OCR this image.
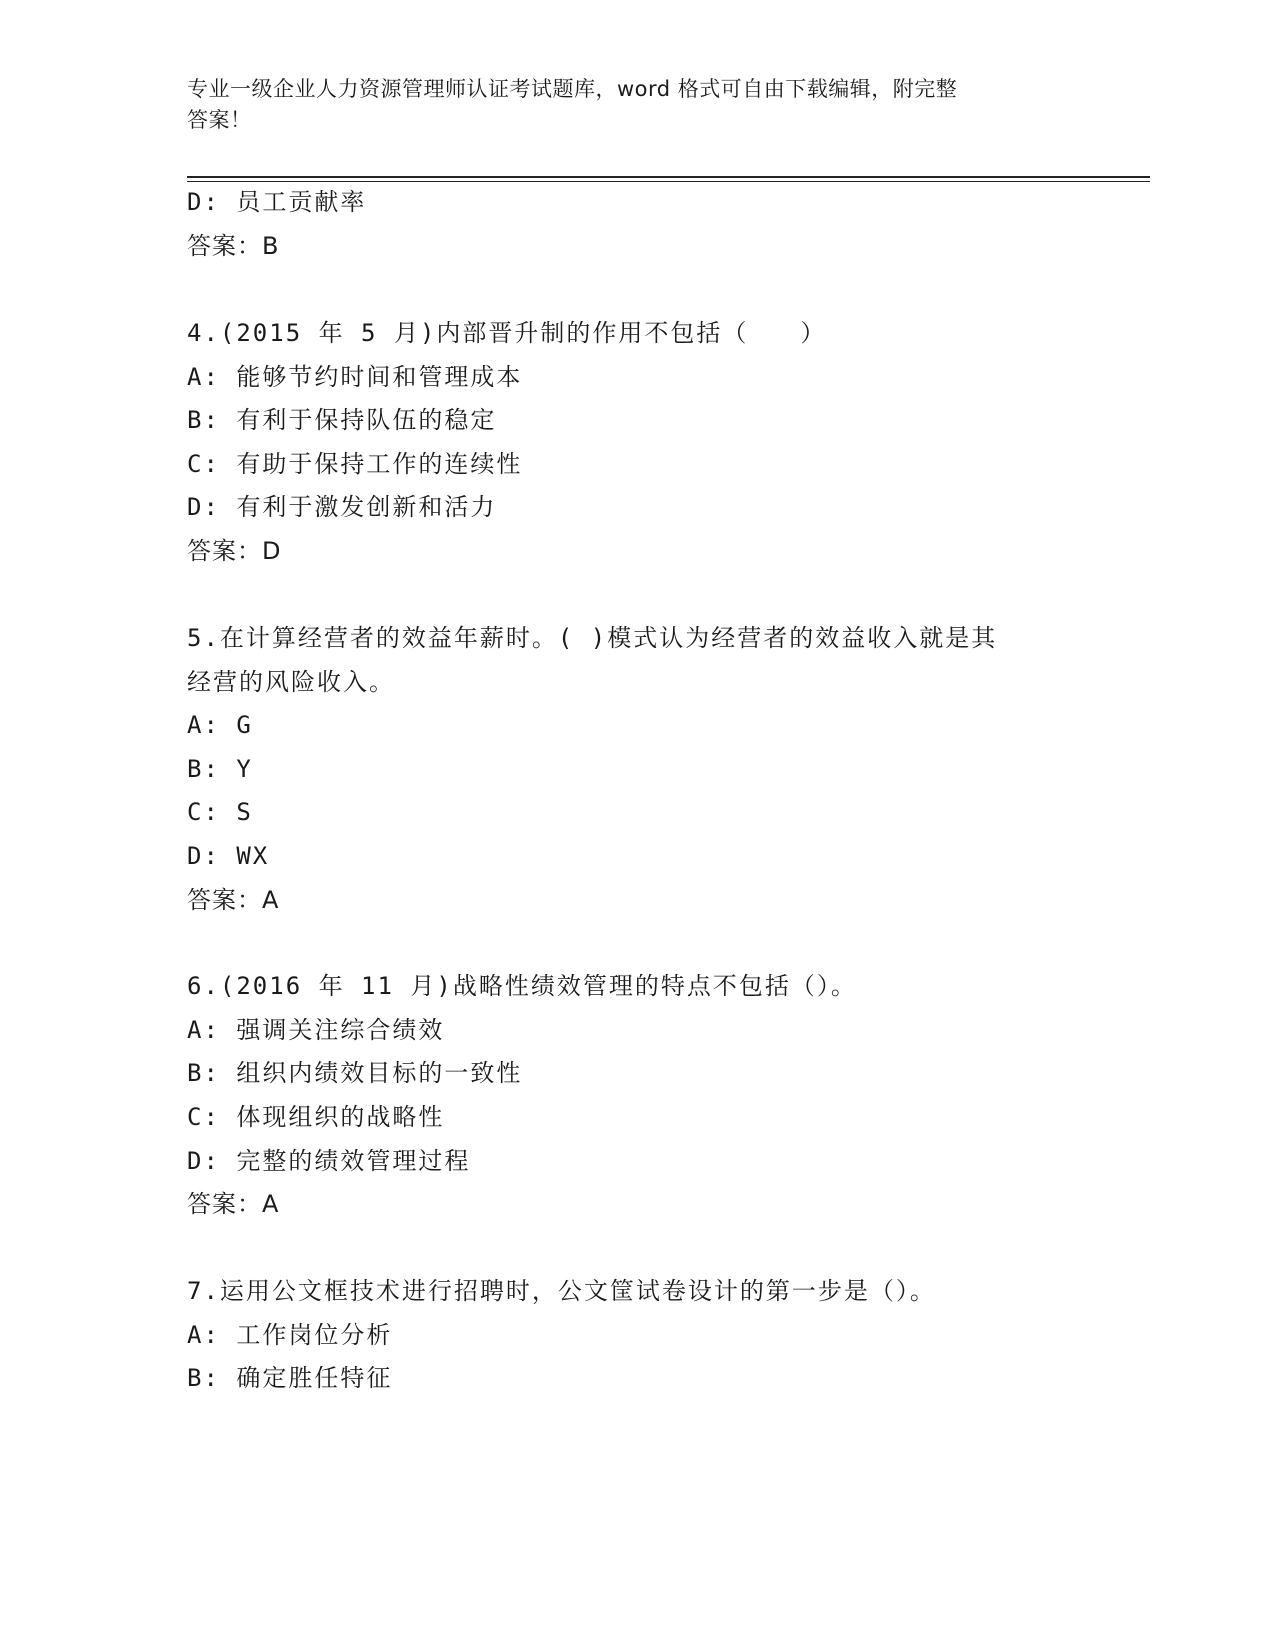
专业一级企业人力资源管理师认证考试题库，word 格式可自由下载编辑，附完整
答案！
D: 员工贡献率
答案：B
4.(2015 年 5 月)内部晋升制的作用不包括（　　）
A: 能够节约时间和管理成本
B: 有利于保持队伍的稳定
C: 有助于保持工作的连续性
D: 有利于激发创新和活力
答案：D
5.在计算经营者的效益年薪时。( )模式认为经营者的效益收入就是其
经营的风险收入。
A: G
B: Y
C: S
D: WX
答案：A
6.(2016 年 11 月)战略性绩效管理的特点不包括（）。
A: 强调关注综合绩效
B: 组织内绩效目标的一致性
C: 体现组织的战略性
D: 完整的绩效管理过程
答案：A
7.运用公文框技术进行招聘时，公文筐试卷设计的第一步是（）。
A: 工作岗位分析
B: 确定胜任特征
